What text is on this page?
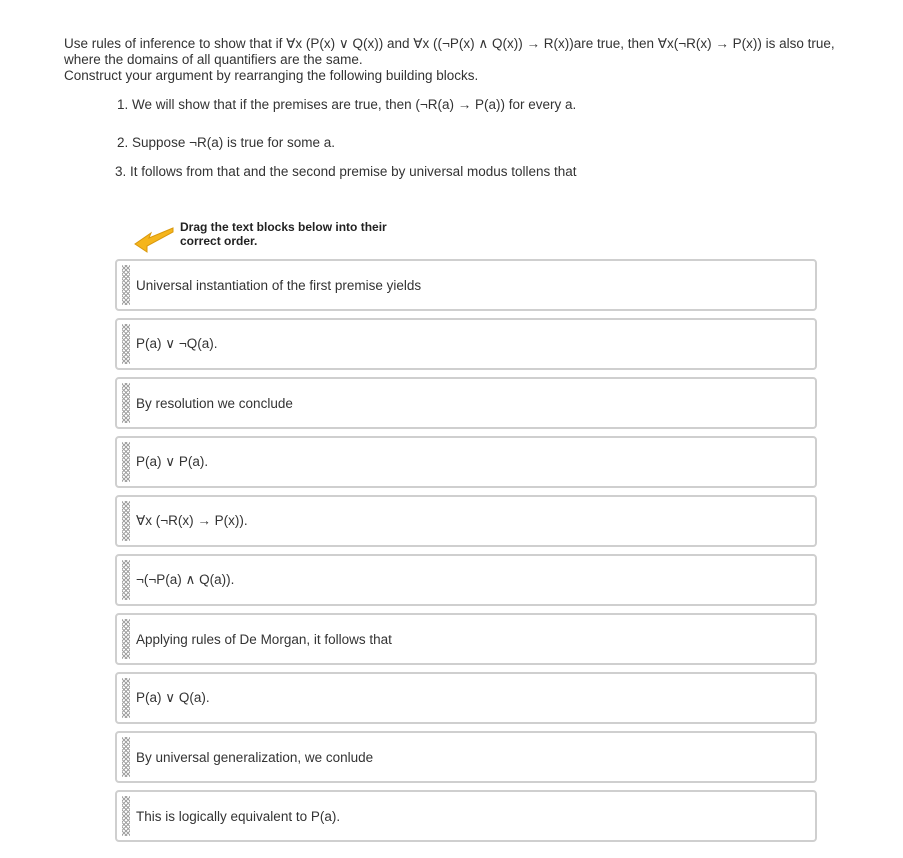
Use rules of inference to show that if ∀x (P(x) ∨ Q(x)) and ∀x ((¬P(x) ∧ Q(x)) → R(x))are true, then ∀x(¬R(x) → P(x)) is also true,

where the domains of all quantifiers are the same.

Construct your argument by rearranging the following building blocks.

1. We will show that if the premises are true, then (¬R(a) → P(a)) for every a.
2. Suppose ¬R(a) is true for some a.
3. It follows from that and the second premise by universal modus tollens that
Drag the text blocks below into their
correct order.
Universal instantiation of the first premise yields
P(a) ∨ ¬Q(a).
By resolution we conclude
P(a) ∨ P(a).
∀x (¬R(x) → P(x)).
¬(¬P(a) ∧ Q(a)).
Applying rules of De Morgan, it follows that
P(a) ∨ Q(a).
By universal generalization, we conlude
This is logically equivalent to P(a).
